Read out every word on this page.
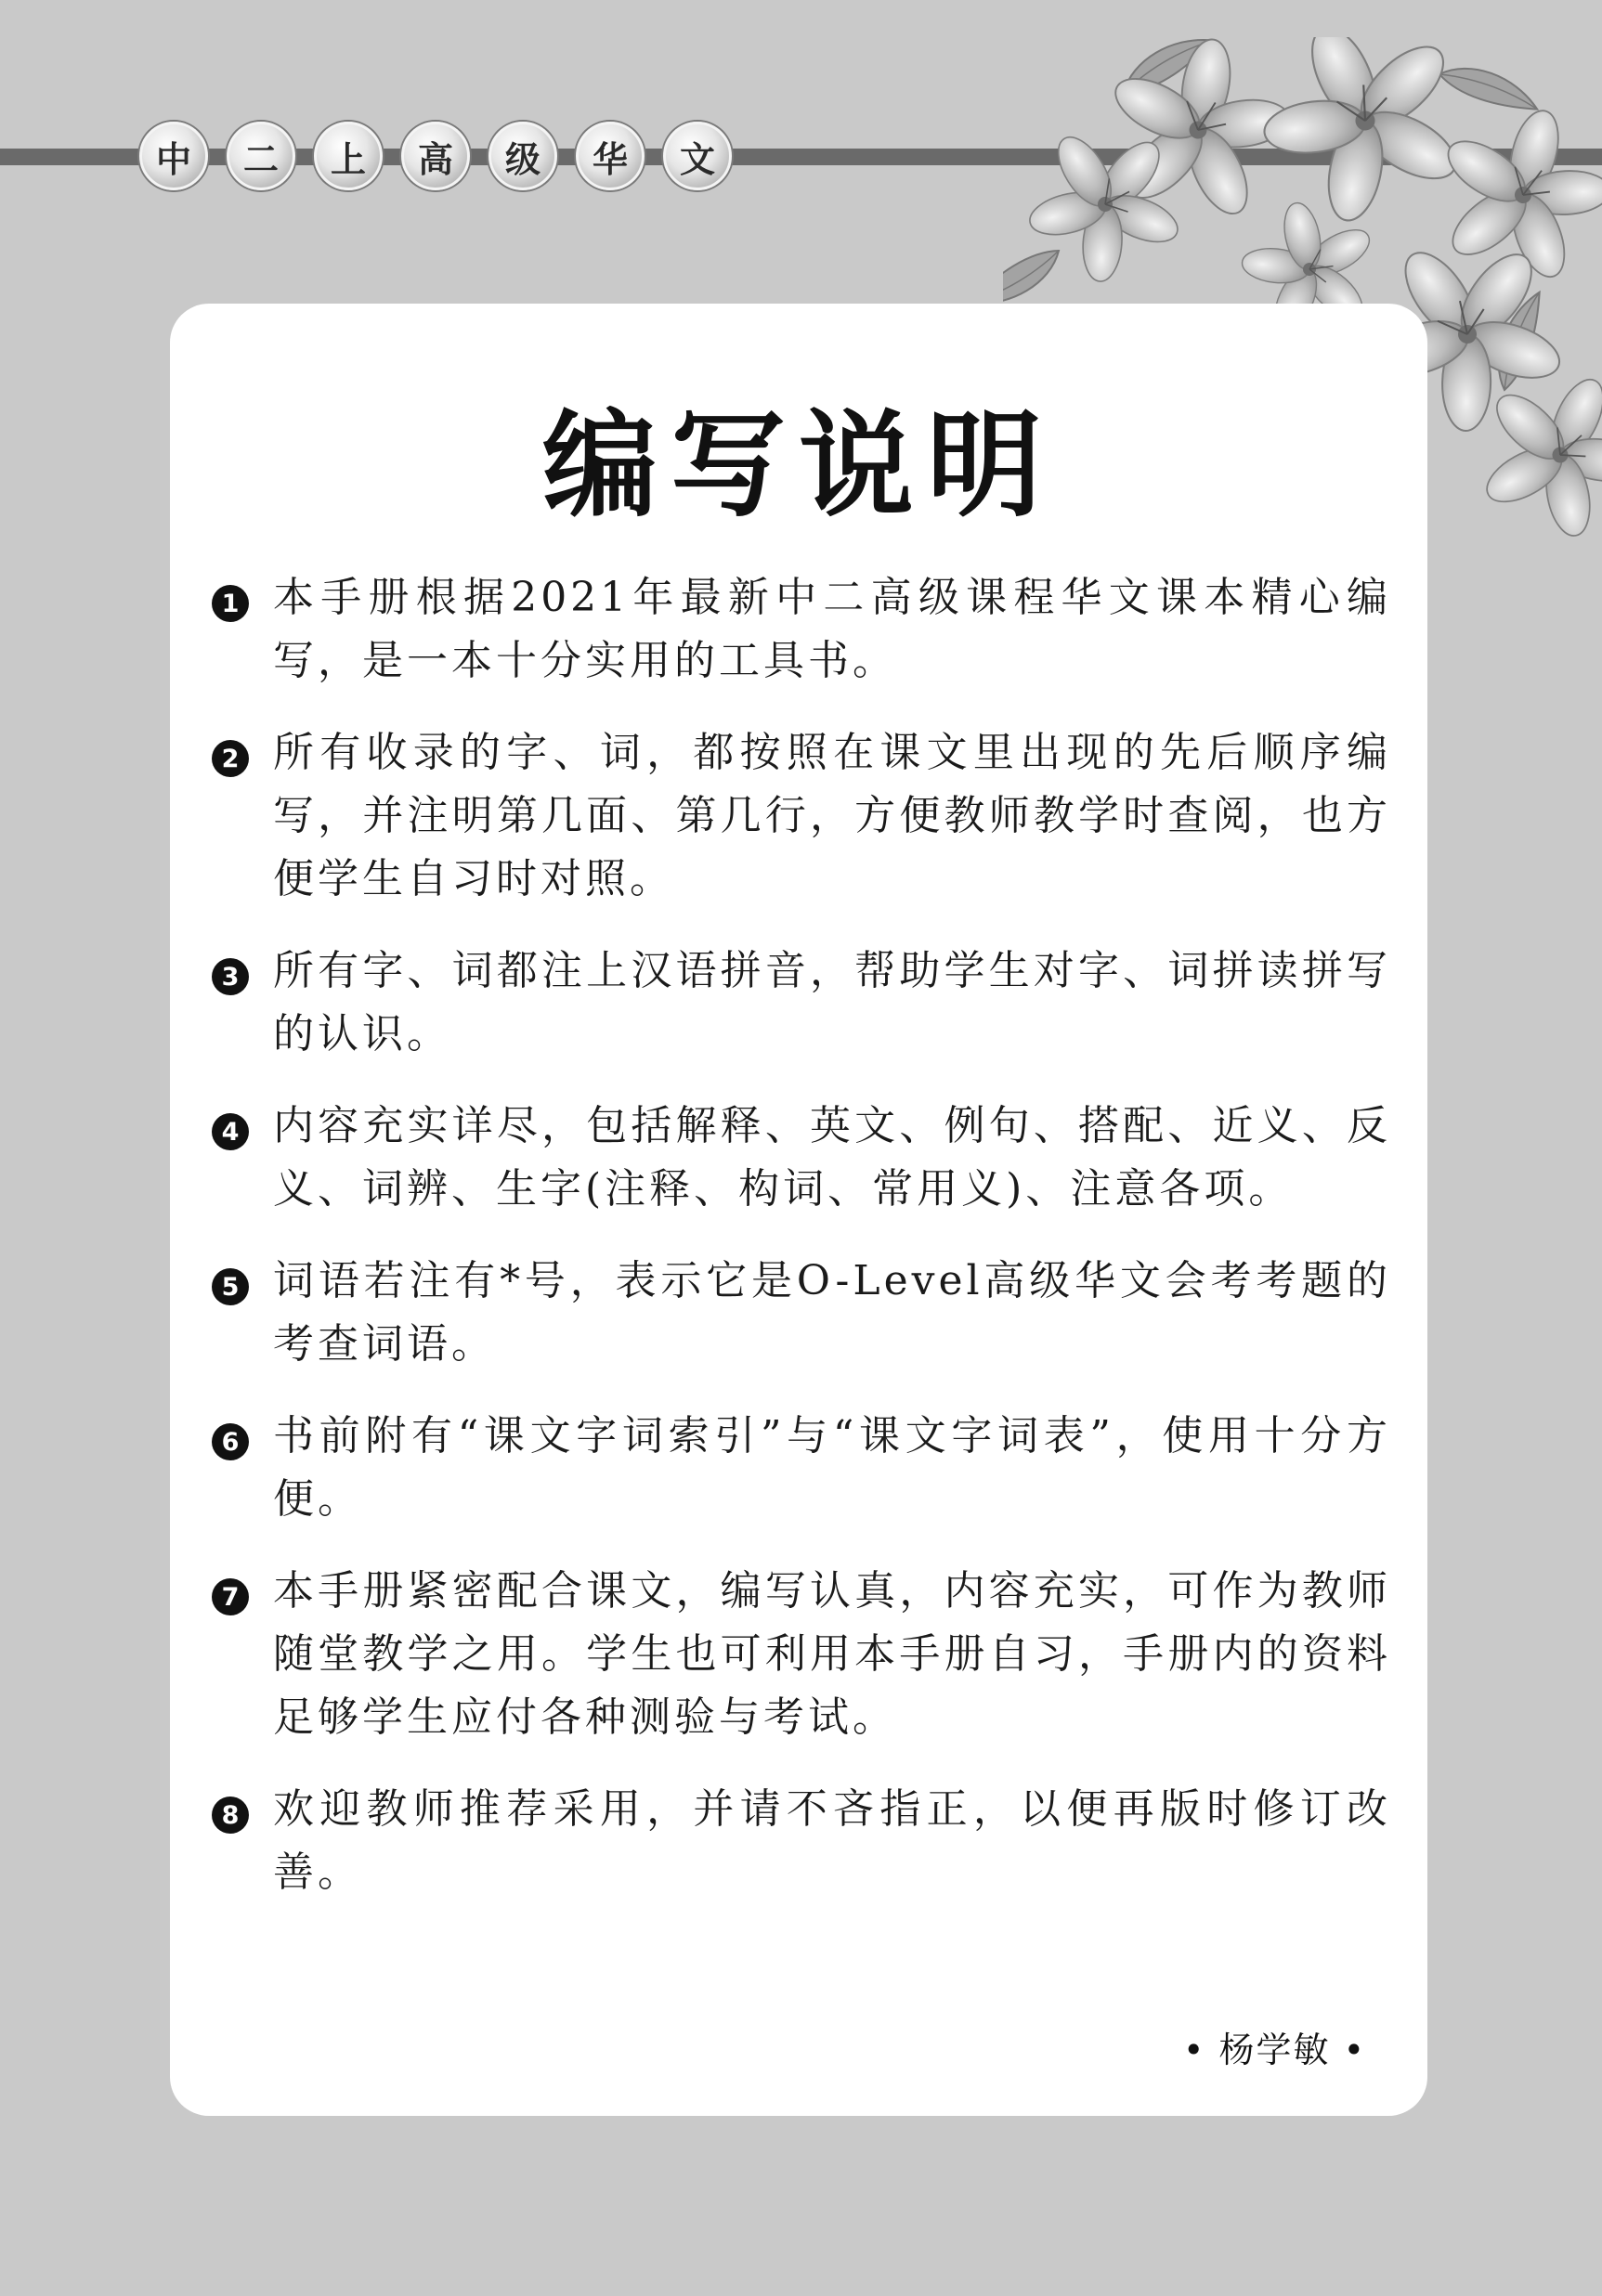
中	二	上	高	级	华	文
编写说明
1 本手册根据2021年最新中二高级课程华文课本精心编写，是一本十分实用的工具书。
2 所有收录的字、词，都按照在课文里出现的先后顺序编写，并注明第几面、第几行，方便教师教学时查阅，也方便学生自习时对照。
3 所有字、词都注上汉语拼音，帮助学生对字、词拼读拼写的认识。
4 内容充实详尽，包括解释、英文、例句、搭配、近义、反义、词辨、生字(注释、构词、常用义)、注意各项。
5 词语若注有*号，表示它是O-Level高级华文会考考题的考查词语。
6 书前附有“课文字词索引”与“课文字词表”，使用十分方便。
7 本手册紧密配合课文，编写认真，内容充实，可作为教师随堂教学之用。学生也可利用本手册自习，手册内的资料足够学生应付各种测验与考试。
8 欢迎教师推荐采用，并请不吝指正，以便再版时修订改善。
• 杨学敏 •
